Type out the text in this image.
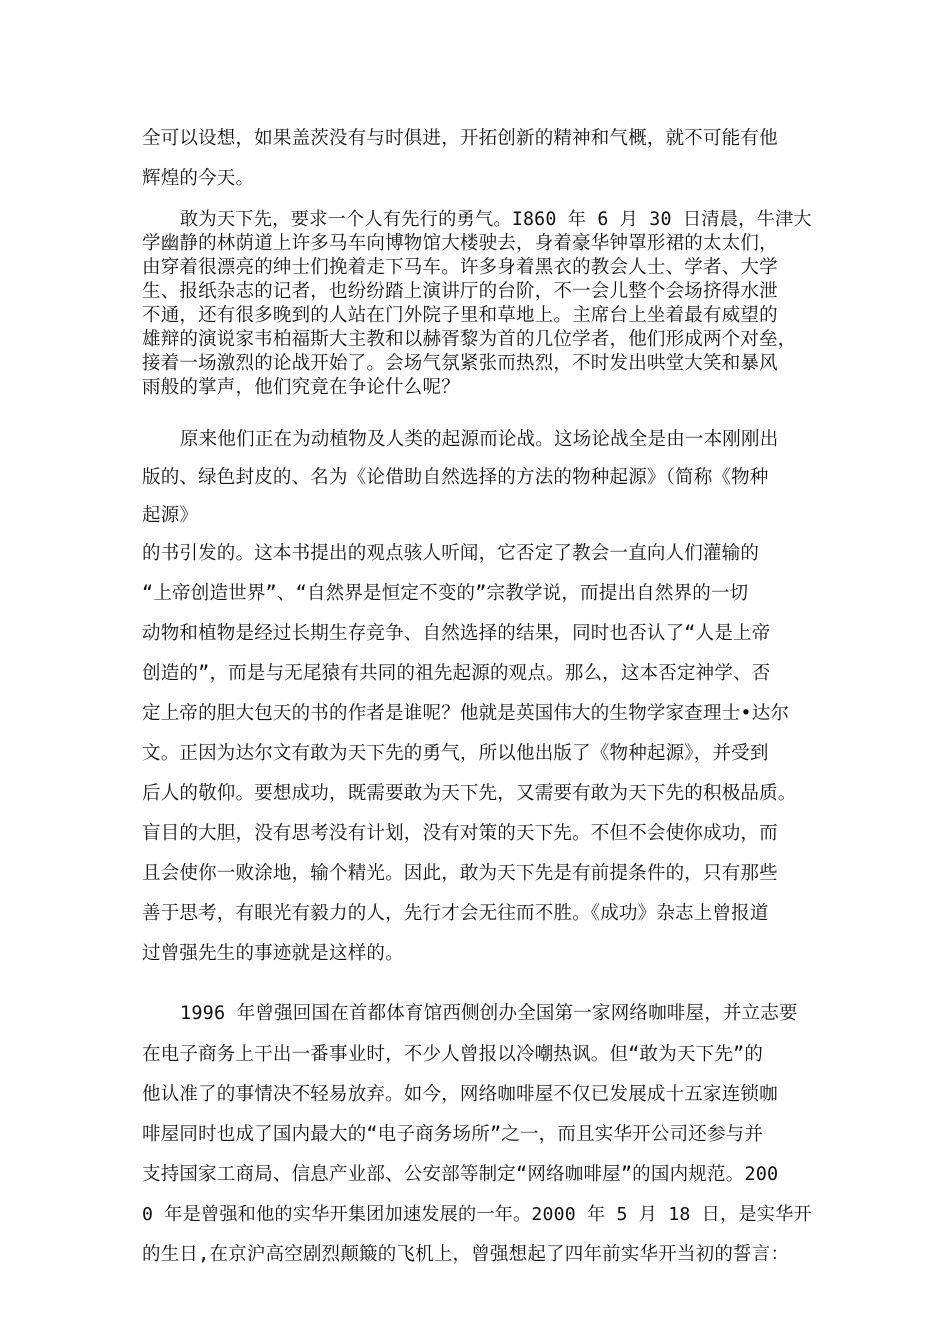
全可以设想，如果盖茨没有与时俱进，开拓创新的精神和气概，就不可能有他
辉煌的今天。
敢为天下先，要求一个人有先行的勇气。I860 年 6 月 30 日清晨，牛津大
学幽静的林荫道上许多马车向博物馆大楼驶去，身着豪华钟罩形裙的太太们，
由穿着很漂亮的绅士们挽着走下马车。许多身着黑衣的教会人士、学者、大学
生、报纸杂志的记者，也纷纷踏上演讲厅的台阶，不一会儿整个会场挤得水泄
不通，还有很多晚到的人站在门外院子里和草地上。主席台上坐着最有威望的
雄辩的演说家韦柏福斯大主教和以赫胥黎为首的几位学者，他们形成两个对垒，
接着一场激烈的论战开始了。会场气氛紧张而热烈，不时发出哄堂大笑和暴风
雨般的掌声，他们究竟在争论什么呢？
原来他们正在为动植物及人类的起源而论战。这场论战全是由一本刚刚出
版的、绿色封皮的、名为《论借助自然选择的方法的物种起源》（简称《物种
起源》
的书引发的。这本书提出的观点骇人听闻，它否定了教会一直向人们灌输的
“上帝创造世界”、“自然界是恒定不变的”宗教学说，而提出自然界的一切
动物和植物是经过长期生存竞争、自然选择的结果，同时也否认了“人是上帝
创造的”，而是与无尾猿有共同的祖先起源的观点。那么，这本否定神学、否
定上帝的胆大包天的书的作者是谁呢？他就是英国伟大的生物学家查理士•达尔
文。正因为达尔文有敢为天下先的勇气，所以他出版了《物种起源》，并受到
后人的敬仰。要想成功，既需要敢为天下先，又需要有敢为天下先的积极品质。
盲目的大胆，没有思考没有计划，没有对策的天下先。不但不会使你成功，而
且会使你一败涂地，输个精光。因此，敢为天下先是有前提条件的，只有那些
善于思考，有眼光有毅力的人，先行才会无往而不胜。《成功》杂志上曾报道
过曾强先生的事迹就是这样的。
1996 年曾强回国在首都体育馆西侧创办全国第一家网络咖啡屋，并立志要
在电子商务上干出一番事业时，不少人曾报以冷嘲热讽。但“敢为天下先”的
他认准了的事情决不轻易放弃。如今，网络咖啡屋不仅已发展成十五家连锁咖
啡屋同时也成了国内最大的“电子商务场所”之一，而且实华开公司还参与并
支持国家工商局、信息产业部、公安部等制定“网络咖啡屋”的国内规范。200
0 年是曾强和他的实华开集团加速发展的一年。2000 年 5 月 18 日，是实华开
的生日,在京沪高空剧烈颠簸的飞机上，曾强想起了四年前实华开当初的誓言：
